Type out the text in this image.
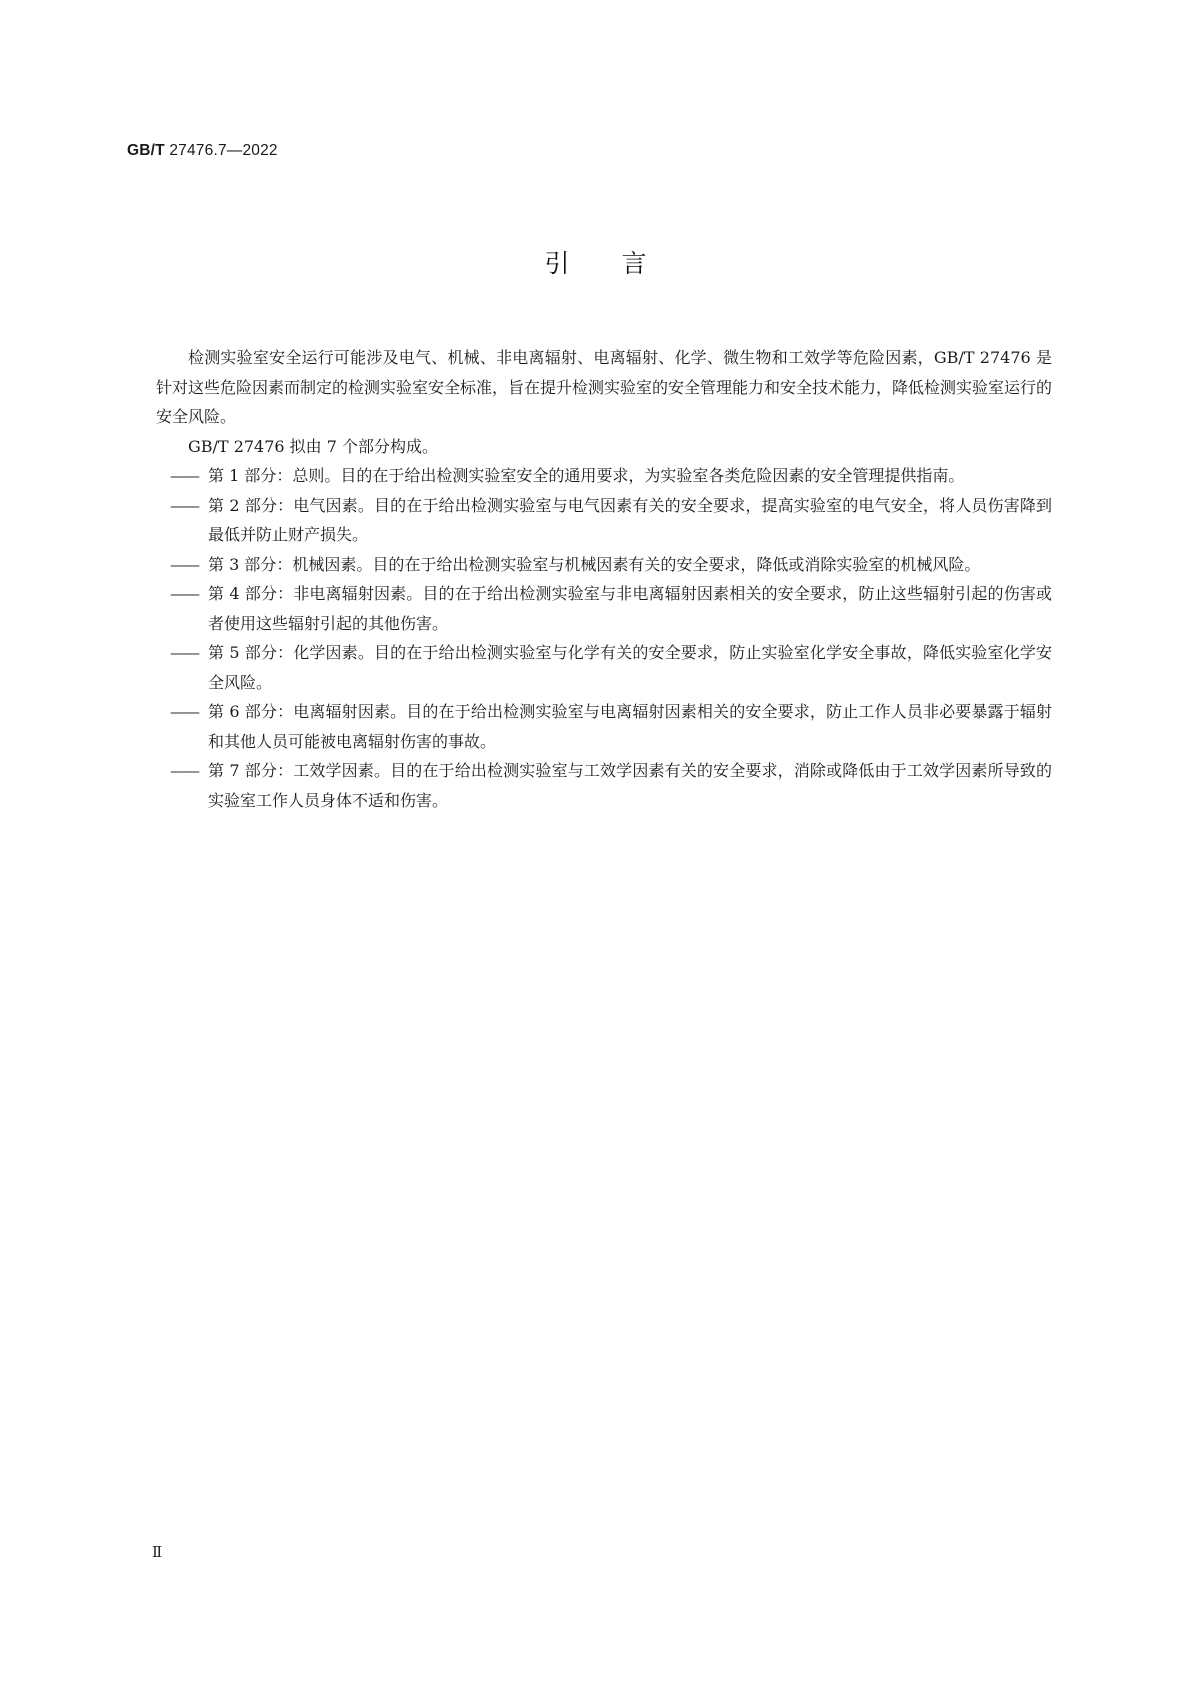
GB/T 27476.7—2022
引言

检测实验室安全运行可能涉及电气、机械、非电离辐射、电离辐射、化学、微生物和工效学等危险因素，GB/T 27476 是针对这些危险因素而制定的检测实验室安全标准，旨在提升检测实验室的安全管理能力和安全技术能力，降低检测实验室运行的安全风险。

GB/T 27476 拟由 7 个部分构成。

—— 第 1 部分：总则。目的在于给出检测实验室安全的通用要求，为实验室各类危险因素的安全管理提供指南。
—— 第 2 部分：电气因素。目的在于给出检测实验室与电气因素有关的安全要求，提高实验室的电气安全，将人员伤害降到最低并防止财产损失。
—— 第 3 部分：机械因素。目的在于给出检测实验室与机械因素有关的安全要求，降低或消除实验室的机械风险。
—— 第 4 部分：非电离辐射因素。目的在于给出检测实验室与非电离辐射因素相关的安全要求，防止这些辐射引起的伤害或者使用这些辐射引起的其他伤害。
—— 第 5 部分：化学因素。目的在于给出检测实验室与化学有关的安全要求，防止实验室化学安全事故，降低实验室化学安全风险。
—— 第 6 部分：电离辐射因素。目的在于给出检测实验室与电离辐射因素相关的安全要求，防止工作人员非必要暴露于辐射和其他人员可能被电离辐射伤害的事故。
—— 第 7 部分：工效学因素。目的在于给出检测实验室与工效学因素有关的安全要求，消除或降低由于工效学因素所导致的实验室工作人员身体不适和伤害。
Ⅱ
